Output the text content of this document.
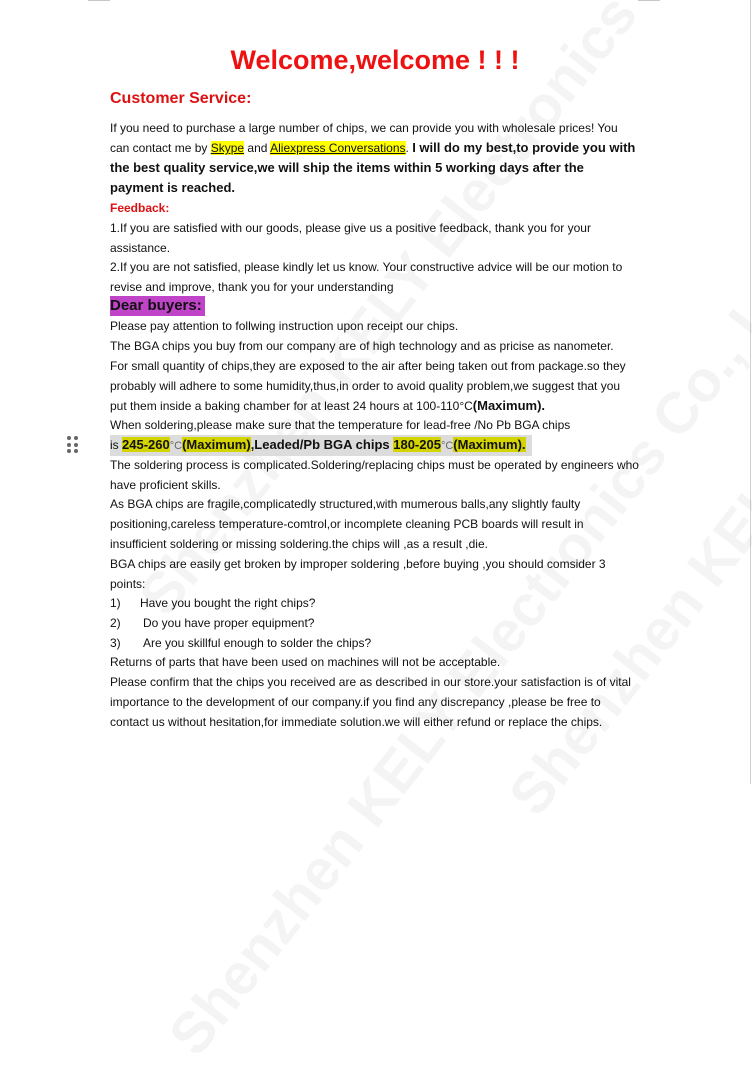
Welcome,welcome ! ! !
Customer Service:

If you need to purchase a large number of chips, we can provide you with wholesale prices! You can contact me by Skype and Aliexpress Conversations. I will do my best,to provide you with the best quality service,we will ship the items within 5 working days after the payment is reached.

Feedback:

1.If you are satisfied with our goods, please give us a positive feedback, thank you for your assistance.

2.If you are not satisfied, please kindly let us know. Your constructive advice will be our motion to revise and improve, thank you for your understanding

Dear buyers:

Please pay attention to follwing instruction upon receipt our chips.

The BGA chips you buy from our company are of high technology and as pricise as nanometer.

For small quantity of chips,they are exposed to the air after being taken out from package.so they probably will adhere to some humidity,thus,in order to avoid quality problem,we suggest that you put them inside a baking chamber for at least 24 hours at 100-110°C(Maximum).

When soldering,please make sure that the temperature for lead-free /No Pb BGA chips

is 245-260°C(Maximum),Leaded/Pb BGA chips 180-205°C(Maximum).

The soldering process is complicated.Soldering/replacing chips must be operated by engineers who have proficient skills.

As BGA chips are fragile,complicatedly structured,with mumerous balls,any slightly faulty positioning,careless temperature-comtrol,or incomplete cleaning PCB boards will result in insufficient soldering or missing soldering.the chips will ,as a result ,die.

BGA chips are easily get broken by improper soldering ,before buying ,you should comsider 3 points:

1) Have you bought the right chips?
2) Do you have proper equipment?
3) Are you skillful enough to solder the chips?

Returns of parts that have been used on machines will not be acceptable.

Please confirm that the chips you received are as described in our store.your satisfaction is of vital importance to the development of our company.if you find any discrepancy ,please be free to contact us without hesitation,for immediate solution.we will either refund or replace the chips.
